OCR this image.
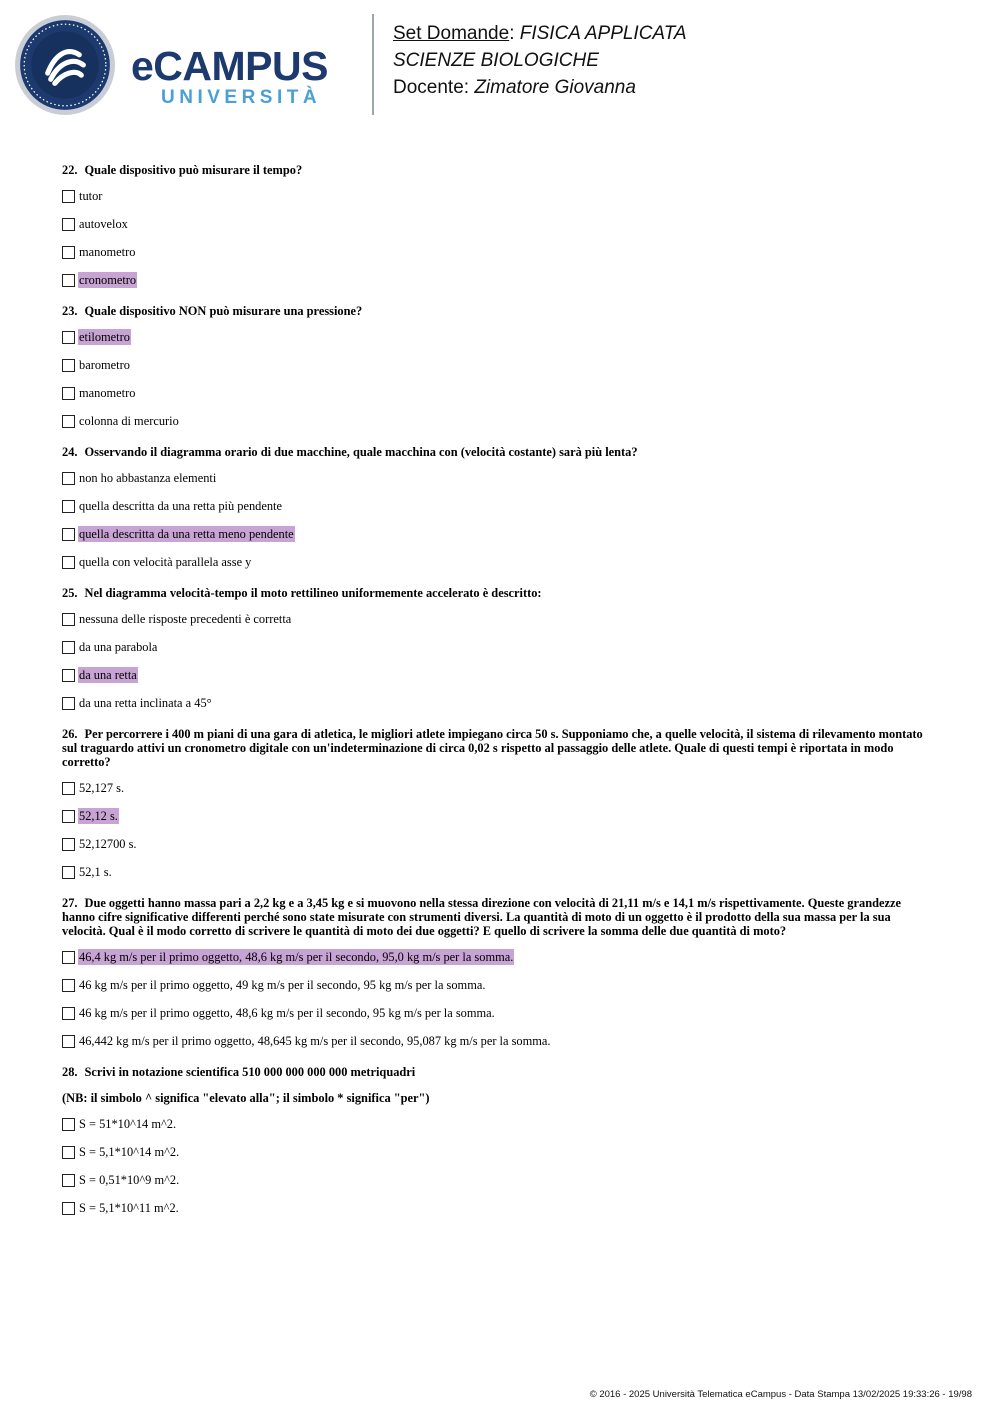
eCAMPUS
UNIVERSITÀ
Set Domande: FISICA APPLICATA
SCIENZE BIOLOGICHE
Docente: Zimatore Giovanna
22. Quale dispositivo può misurare il tempo?
tutor
autovelox
manometro
cronometro
23. Quale dispositivo NON può misurare una pressione?
etilometro
barometro
manometro
colonna di mercurio
24. Osservando il diagramma orario di due macchine, quale macchina con (velocità costante) sarà più lenta?
non ho abbastanza elementi
quella descritta da una retta più pendente
quella descritta da una retta meno pendente
quella con velocità parallela asse y
25. Nel diagramma velocità-tempo il moto rettilineo uniformemente accelerato è descritto:
nessuna delle risposte precedenti è corretta
da una parabola
da una retta
da una retta inclinata a 45°
26. Per percorrere i 400 m piani di una gara di atletica, le migliori atlete impiegano circa 50 s. Supponiamo che, a quelle velocità, il sistema di rilevamento montato sul traguardo attivi un cronometro digitale con un'indeterminazione di circa 0,02 s rispetto al passaggio delle atlete. Quale di questi tempi è riportata in modo corretto?
52,127 s.
52,12 s.
52,12700 s.
52,1 s.
27. Due oggetti hanno massa pari a 2,2 kg e a 3,45 kg e si muovono nella stessa direzione con velocità di 21,11 m/s e 14,1 m/s rispettivamente. Queste grandezze hanno cifre significative differenti perché sono state misurate con strumenti diversi. La quantità di moto di un oggetto è il prodotto della sua massa per la sua velocità. Qual è il modo corretto di scrivere le quantità di moto dei due oggetti? E quello di scrivere la somma delle due quantità di moto?
46,4 kg m/s per il primo oggetto, 48,6 kg m/s per il secondo, 95,0 kg m/s per la somma.
46 kg m/s per il primo oggetto, 49 kg m/s per il secondo, 95 kg m/s per la somma.
46 kg m/s per il primo oggetto, 48,6 kg m/s per il secondo, 95 kg m/s per la somma.
46,442 kg m/s per il primo oggetto, 48,645 kg m/s per il secondo, 95,087 kg m/s per la somma.
28. Scrivi in notazione scientifica 510 000 000 000 000 metriquadri
(NB: il simbolo ^ significa "elevato alla"; il simbolo * significa "per")
S = 51*10^14 m^2.
S = 5,1*10^14 m^2.
S = 0,51*10^9 m^2.
S = 5,1*10^11 m^2.
© 2016 - 2025 Università Telematica eCampus - Data Stampa 13/02/2025 19:33:26 - 19/98
